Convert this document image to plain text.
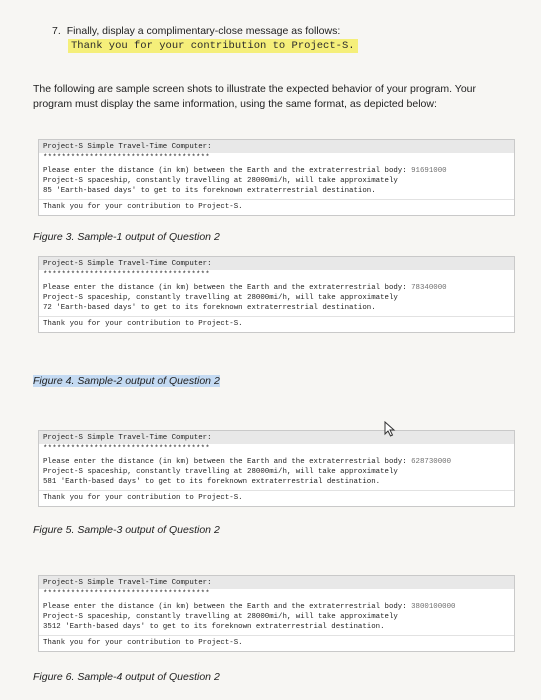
7. Finally, display a complimentary-close message as follows:
Thank you for your contribution to Project-S.
The following are sample screen shots to illustrate the expected behavior of your program. Your program must display the same information, using the same format, as depicted below:
Project-S Simple Travel-Time Computer:
************************************
Please enter the distance (in km) between the Earth and the extraterrestrial body: 91691000
Project-S spaceship, constantly travelling at 28000mi/h, will take approximately
85 'Earth-based days' to get to its foreknown extraterrestrial destination.
Thank you for your contribution to Project-S.
Figure 3. Sample-1 output of Question 2
Project-S Simple Travel-Time Computer:
************************************
Please enter the distance (in km) between the Earth and the extraterrestrial body: 78340000
Project-S spaceship, constantly travelling at 28000mi/h, will take approximately
72 'Earth-based days' to get to its foreknown extraterrestrial destination.
Thank you for your contribution to Project-S.
Figure 4. Sample-2 output of Question 2
Project-S Simple Travel-Time Computer:
************************************
Please enter the distance (in km) between the Earth and the extraterrestrial body: 628730000
Project-S spaceship, constantly travelling at 28000mi/h, will take approximately
581 'Earth-based days' to get to its foreknown extraterrestrial destination.
Thank you for your contribution to Project-S.
Figure 5. Sample-3 output of Question 2
Project-S Simple Travel-Time Computer:
************************************
Please enter the distance (in km) between the Earth and the extraterrestrial body: 3800100000
Project-S spaceship, constantly travelling at 28000mi/h, will take approximately
3512 'Earth-based days' to get to its foreknown extraterrestrial destination.
Thank you for your contribution to Project-S.
Figure 6. Sample-4 output of Question 2
